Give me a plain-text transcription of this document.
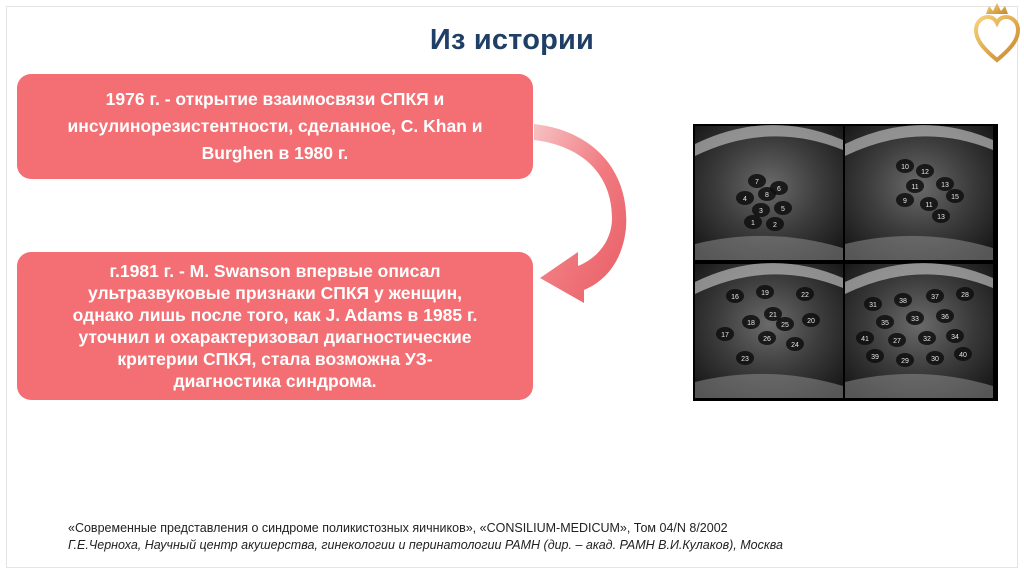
Из истории
1976 г. - открытие взаимосвязи СПКЯ и
инсулинорезистентности, сделанное, C. Khan и
Burghen в 1980 г.
г.1981 г. - M. Swanson впервые описал
ультразвуковые признаки СПКЯ у женщин,
однако лишь после того, как J. Adams в 1985 г.
уточнил и охарактеризовал диагностические
критерии СПКЯ, стала возможна УЗ-
диагностика синдрома.
7
8
4
6
3	5
2
1
10
12
11	13
9
11
13
15
16
19	22
17
21
18
26
23
24
25
20
31
38
37	28
35
33	36
41	27	32	34
39
29	30
40
«Современные представления о синдроме поликистозных яичников», «CONSILIUM-MEDICUM», Том 04/N 8/2002
Г.Е.Черноха, Научный центр акушерства, гинекологии и перинатологии РАМН (дир. – акад. РАМН В.И.Кулаков), Москва
